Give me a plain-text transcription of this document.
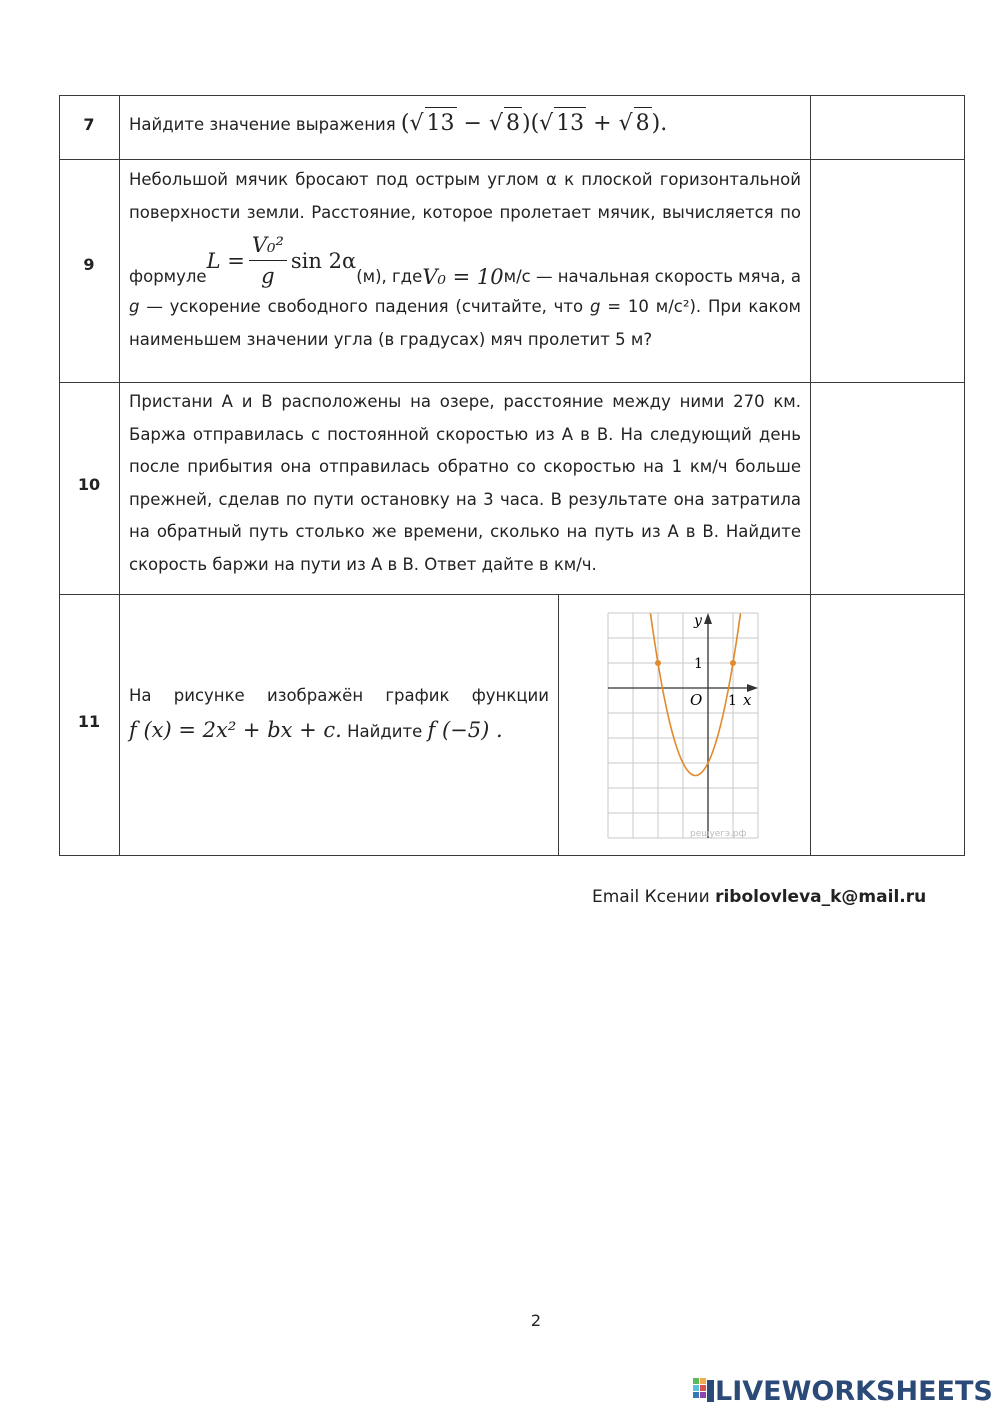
7	Найдите значение выражения (√ 13 − √ 8)(√ 13 + √ 8).
9
Небольшой мячик бросают под острым углом α к плоской горизонтальной поверхности земли. Расстояние, которое пролетает мячик, вычисляется по
формуле
$L = \frac{\text{V₀²}}{g}$ sin 2α
(м), где V₀ = 10 м/с — начальная скорость мяча, а
g — ускорение свободного падения (считайте, что g = 10 м/с²). При каком
наименьшем значении угла (в градусах) мяч пролетит 5 м?
10
Пристани A и B расположены на озере, расстояние между ними 270 км. Баржа отправилась с постоянной скоростью из A в B. На следующий день после прибытия она отправилась обратно со скоростью на 1 км/ч больше прежней, сделав по пути остановку на 3 часа. В результате она затратила на обратный путь столько же времени, сколько на путь из A в B. Найдите скорость баржи на пути из A в B. Ответ дайте в км/ч.
11
На рисунке изображён график функции
f (x) = 2x² + bx + c. Найдите f (−5) .
y
x
O 1
1
решуегэ.рф
Email Ксении ribolovleva_k@mail.ru
2
LIVEWORKSHEETS
